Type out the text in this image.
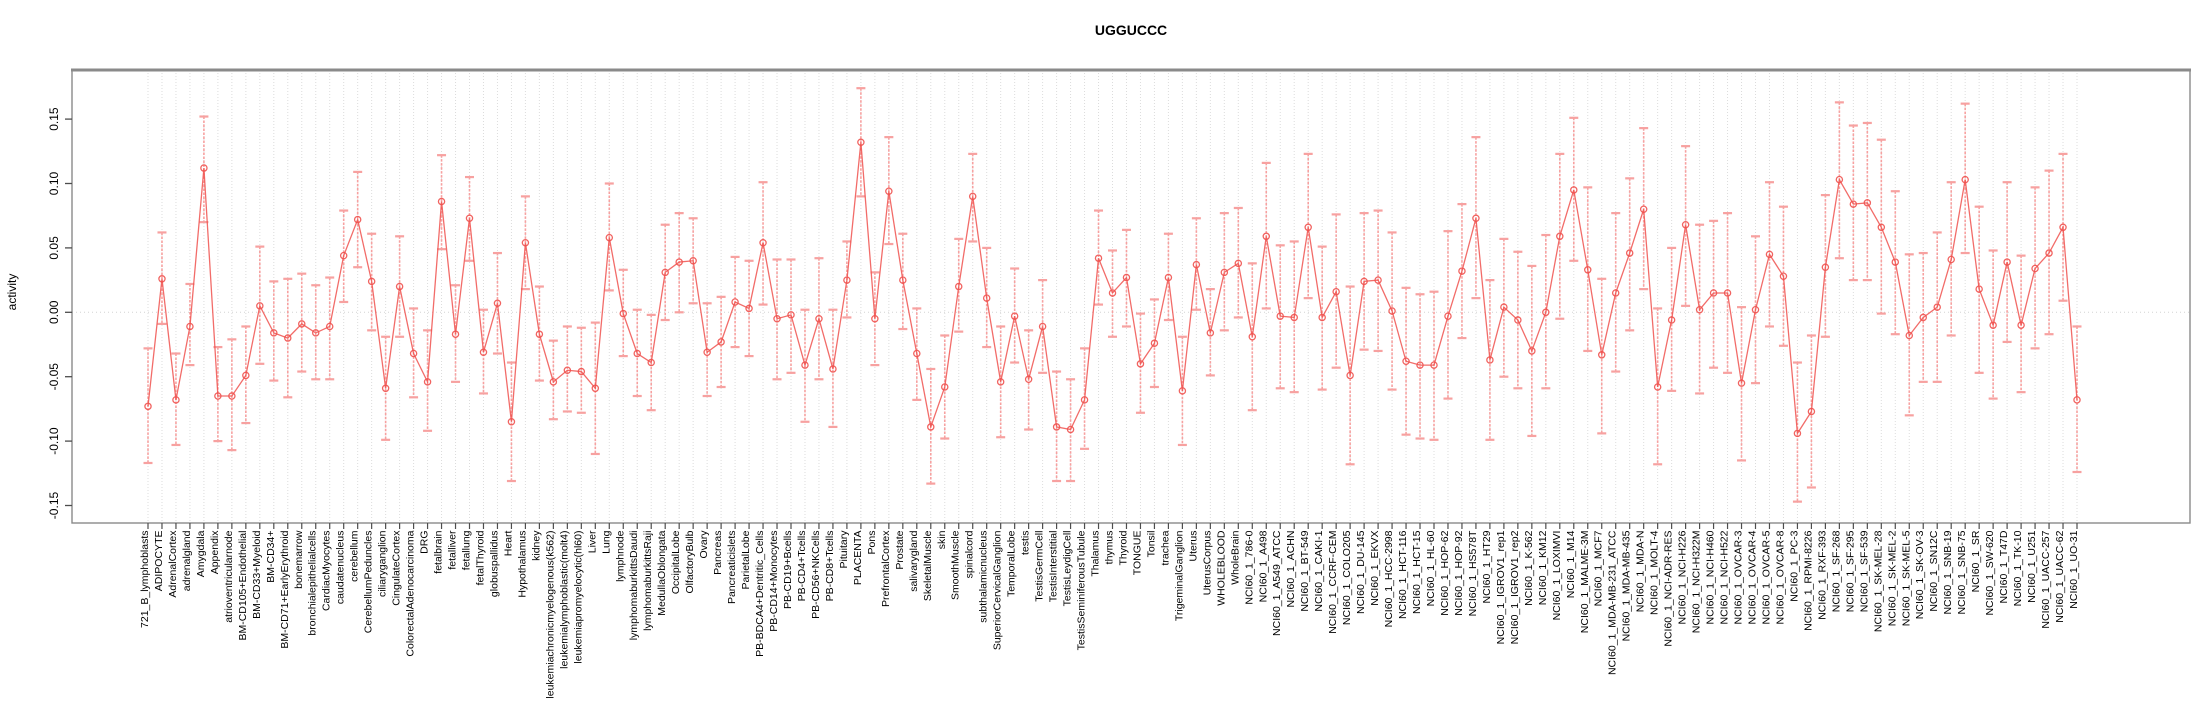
UGGUCCC
activity
0.15
0.10
0.05
0.00
-0.05
-0.10
-0.15
721_B_lymphoblasts ADIPOCYTE AdrenalCortex adrenalgland Amygdala Appendix atrioventricularnode BM-CD105+Endothelial BM-CD33+Myeloid BM-CD34+ BM-CD71+EarlyErythroid bonemarrow bronchialepithelialcells CardiacMyocytes caudatenucleus cerebellum CerebellumPeduncles ciliaryganglion CingulateCortex ColorectalAdenocarcinoma DRG fetalbrain fetalliver fetallung fetalThyroid globuspallidus Heart Hypothalamus kidney leukemiachronicmyelogenous(k562) leukemialymphoblastic(molt4) leukemiapromyelocytic(hl60) Liver Lung lymphnode lymphomaburkittsDaudi lymphomaburkittsRaji MedullaOblongata OccipitalLobe OlfactoryBulb Ovary Pancreas Pancreaticislets ParietalLobe PB-BDCA4+Dentritic_Cells PB-CD14+Monocytes PB-CD19+Bcells PB-CD4+Tcells PB-CD56+NKCells PB-CD8+Tcells Pituitary PLACENTA Pons PrefrontalCortex Prostate salivarygland SkeletalMuscle skin SmoothMuscle spinalcord subthalamicnucleus SuperiorCervicalGanglion TemporalLobe testis TestisGermCell TestisInterstitial TestisLeydigCell TestisSeminiferousTubule Thalamus thymus Thyroid TONGUE Tonsil trachea TrigeminalGanglion Uterus UterusCorpus WHOLEBLOOD WholeBrain NCI60_1_786-0 NCI60_1_A498 NCI60_1_A549_ATCC NCI60_1_ACHN NCI60_1_BT-549 NCI60_1_CAKI-1 NCI60_1_CCRF-CEM NCI60_1_COLO205 NCI60_1_DU-145 NCI60_1_EKVX NCI60_1_HCC-2998 NCI60_1_HCT-116 NCI60_1_HCT-15 NCI60_1_HL-60 NCI60_1_HOP-62 NCI60_1_HOP-92 NCI60_1_HS578T NCI60_1_HT29 NCI60_1_IGROV1_rep1 NCI60_1_IGROV1_rep2 NCI60_1_K-562 NCI60_1_KM12 NCI60_1_LOXIMVI NCI60_1_M14 NCI60_1_MALME-3M NCI60_1_MCF7 NCI60_1_MDA-MB-231_ATCC NCI60_1_MDA-MB-435 NCI60_1_MDA-N NCI60_1_MOLT-4 NCI60_1_NCI-ADR-RES NCI60_1_NCI-H226 NCI60_1_NCI-H322M NCI60_1_NCI-H460 NCI60_1_NCI-H522 NCI60_1_OVCAR-3 NCI60_1_OVCAR-4 NCI60_1_OVCAR-5 NCI60_1_OVCAR-8 NCI60_1_PC-3 NCI60_1_RPMI-8226 NCI60_1_RXF-393 NCI60_1_SF-268 NCI60_1_SF-295 NCI60_1_SF-539 NCI60_1_SK-MEL-28 NCI60_1_SK-MEL-2 NCI60_1_SK-MEL-5 NCI60_1_SK-OV-3 NCI60_1_SN12C NCI60_1_SNB-19 NCI60_1_SNB-75 NCI60_1_SR NCI60_1_SW-620 NCI60_1_T47D NCI60_1_TK-10 NCI60_1_U251 NCI60_1_UACC-257 NCI60_1_UACC-62 NCI60_1_UO-31
